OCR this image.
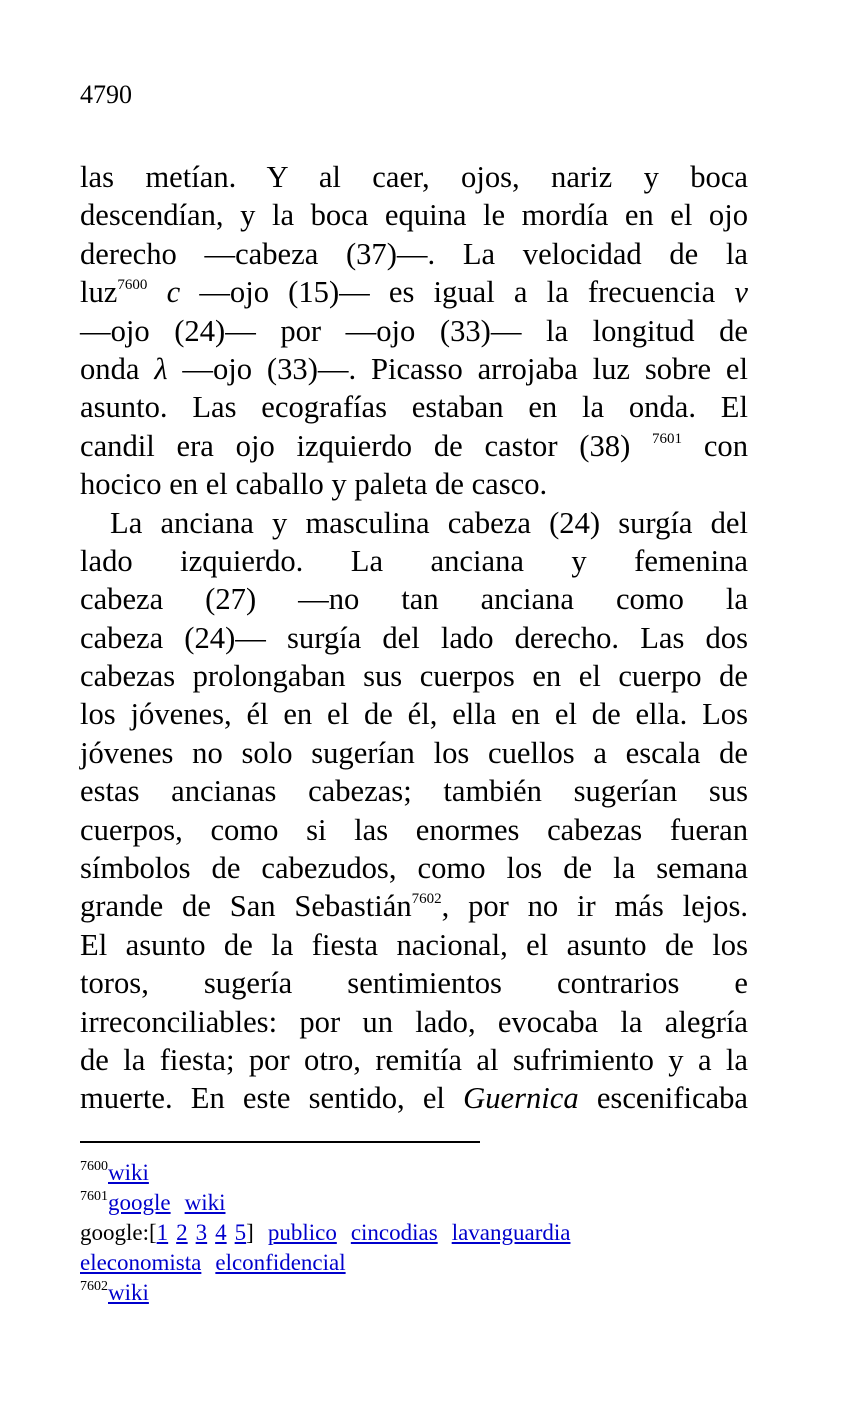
4790
las metían. Y al caer, ojos, nariz y boca
descendían, y la boca equina le mordía en el ojo
derecho —cabeza (37)—. La velocidad de la
luz$^{7600}$ c —ojo (15)— es igual a la frecuencia v
—ojo (24)— por —ojo (33)— la longitud de
onda λ —ojo (33)—. Picasso arrojaba luz sobre el
asunto. Las ecografías estaban en la onda. El
candil era ojo izquierdo de castor (38) $^{7601}$ con
hocico en el caballo y paleta de casco.
La anciana y masculina cabeza (24) surgía del
lado izquierdo. La anciana y femenina
cabeza (27) —no tan anciana como la
cabeza (24)— surgía del lado derecho. Las dos
cabezas prolongaban sus cuerpos en el cuerpo de
los jóvenes, él en el de él, ella en el de ella. Los
jóvenes no solo sugerían los cuellos a escala de
estas ancianas cabezas; también sugerían sus
cuerpos, como si las enormes cabezas fueran
símbolos de cabezudos, como los de la semana
grande de San Sebastián$^{7602}$, por no ir más lejos.
El asunto de la fiesta nacional, el asunto de los
toros, sugería sentimientos contrarios e
irreconciliables: por un lado, evocaba la alegría
de la fiesta; por otro, remitía al sufrimiento y a la
muerte. En este sentido, el Guernica escenificaba
$^{7600}$wiki
$^{7601}$google wiki
google:[1 2 3 4 5] publico cincodias lavanguardia
eleconomista elconfidencial
$^{7602}$wiki
